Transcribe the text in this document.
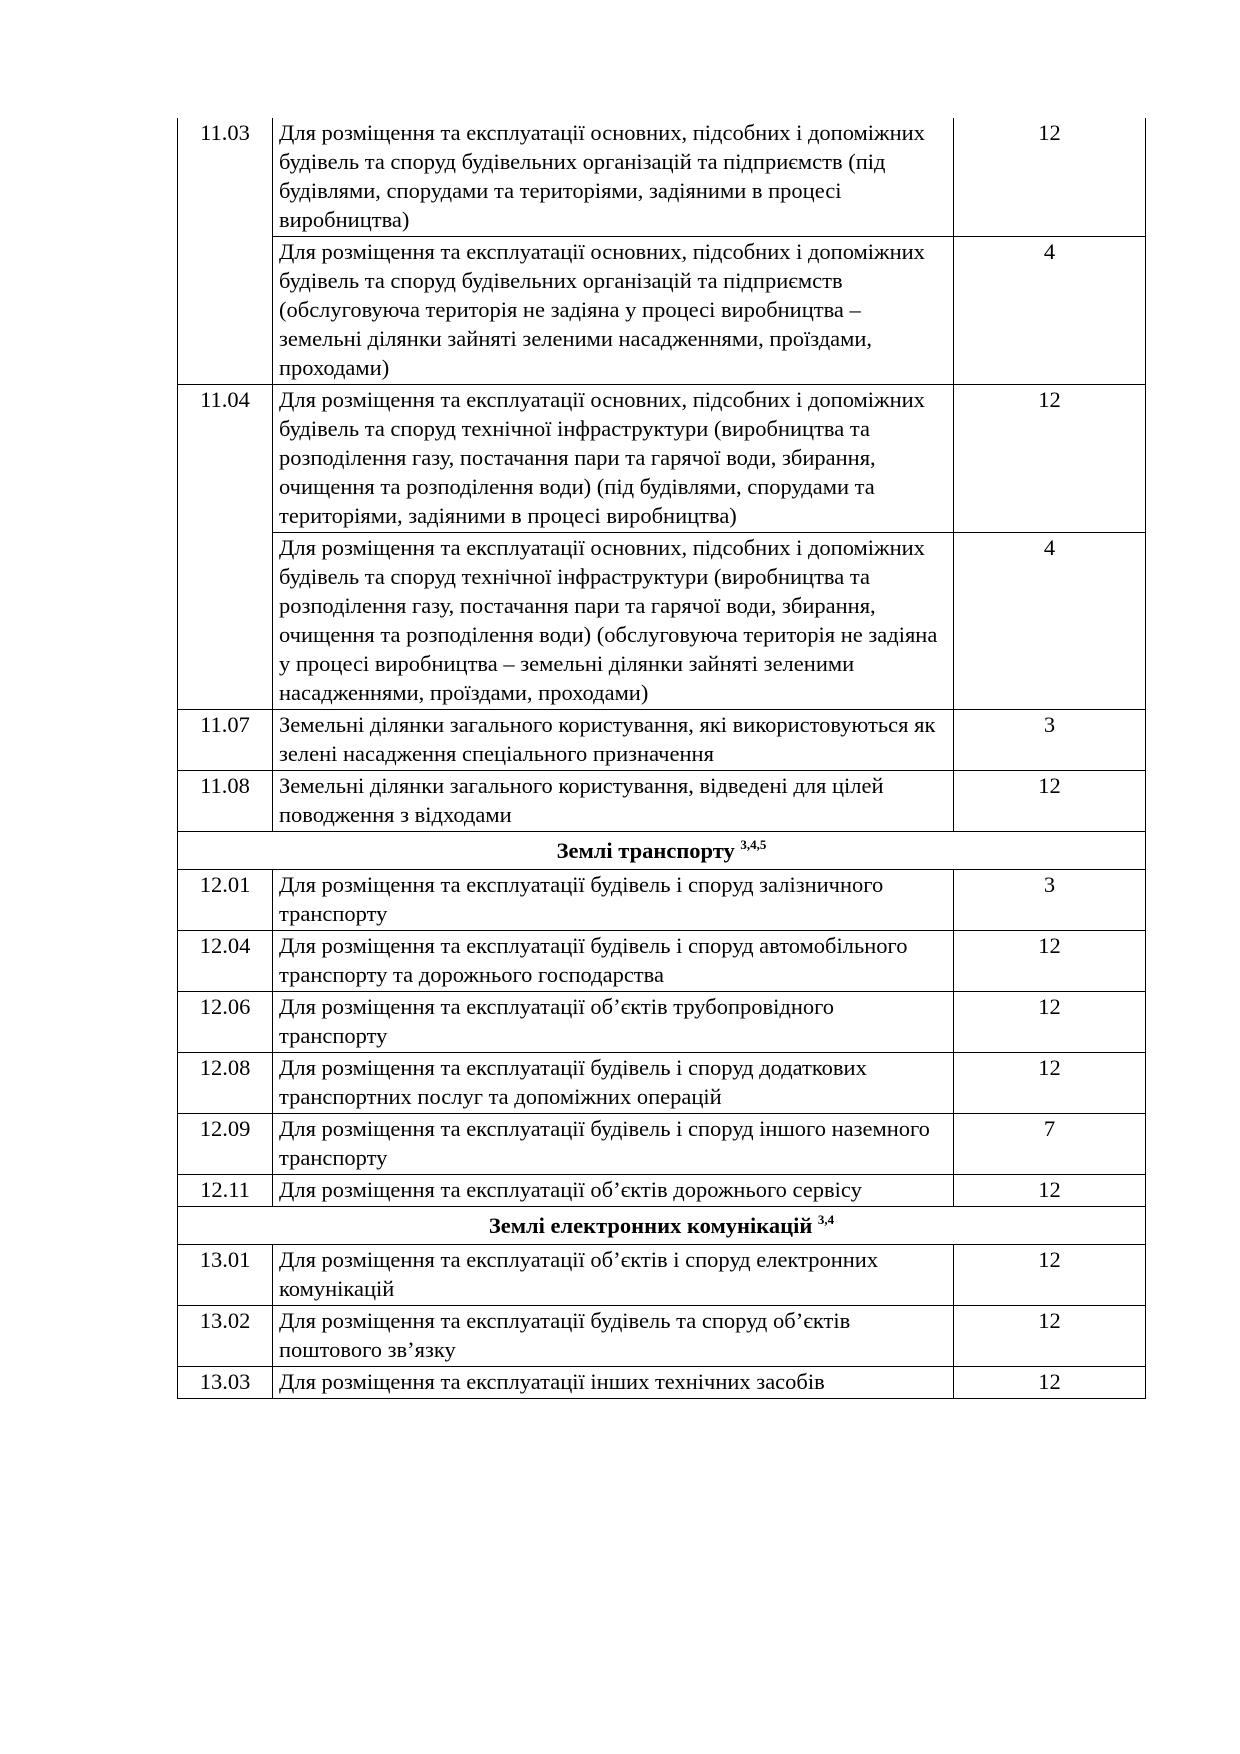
11.03	Для розміщення та експлуатації основних, підсобних і допоміжних будівель та споруд будівельних організацій та підприємств (під будівлями, спорудами та територіями, задіяними в процесі виробництва)	12
	Для розміщення та експлуатації основних, підсобних і допоміжних будівель та споруд будівельних організацій та підприємств (обслуговуюча територія не задіяна у процесі виробництва – земельні ділянки зайняті зеленими насадженнями, проїздами, проходами)	4
11.04	Для розміщення та експлуатації основних, підсобних і допоміжних будівель та споруд технічної інфраструктури (виробництва та розподілення газу, постачання пари та гарячої води, збирання, очищення та розподілення води) (під будівлями, спорудами та територіями, задіяними в процесі виробництва)	12
	Для розміщення та експлуатації основних, підсобних і допоміжних будівель та споруд технічної інфраструктури (виробництва та розподілення газу, постачання пари та гарячої води, збирання, очищення та розподілення води) (обслуговуюча територія не задіяна у процесі виробництва – земельні ділянки зайняті зеленими насадженнями, проїздами, проходами)	4
11.07	Земельні ділянки загального користування, які використовуються як зелені насадження спеціального призначення	3
11.08	Земельні ділянки загального користування, відведені для цілей поводження з відходами	12
Землі транспорту $^{3,4,5}$
12.01	Для розміщення та експлуатації будівель і споруд залізничного транспорту	3
12.04	Для розміщення та експлуатації будівель і споруд автомобільного транспорту та дорожнього господарства	12
12.06	Для розміщення та експлуатації об’єктів трубопровідного транспорту	12
12.08	Для розміщення та експлуатації будівель і споруд додаткових транспортних послуг та допоміжних операцій	12
12.09	Для розміщення та експлуатації будівель і споруд іншого наземного транспорту	7
12.11	Для розміщення та експлуатації об’єктів дорожнього сервісу	12
Землі електронних комунікацій $^{3,4}$
13.01	Для розміщення та експлуатації об’єктів і споруд електронних комунікацій	12
13.02	Для розміщення та експлуатації будівель та споруд об’єктів поштового зв’язку	12
13.03	Для розміщення та експлуатації інших технічних засобів	12
